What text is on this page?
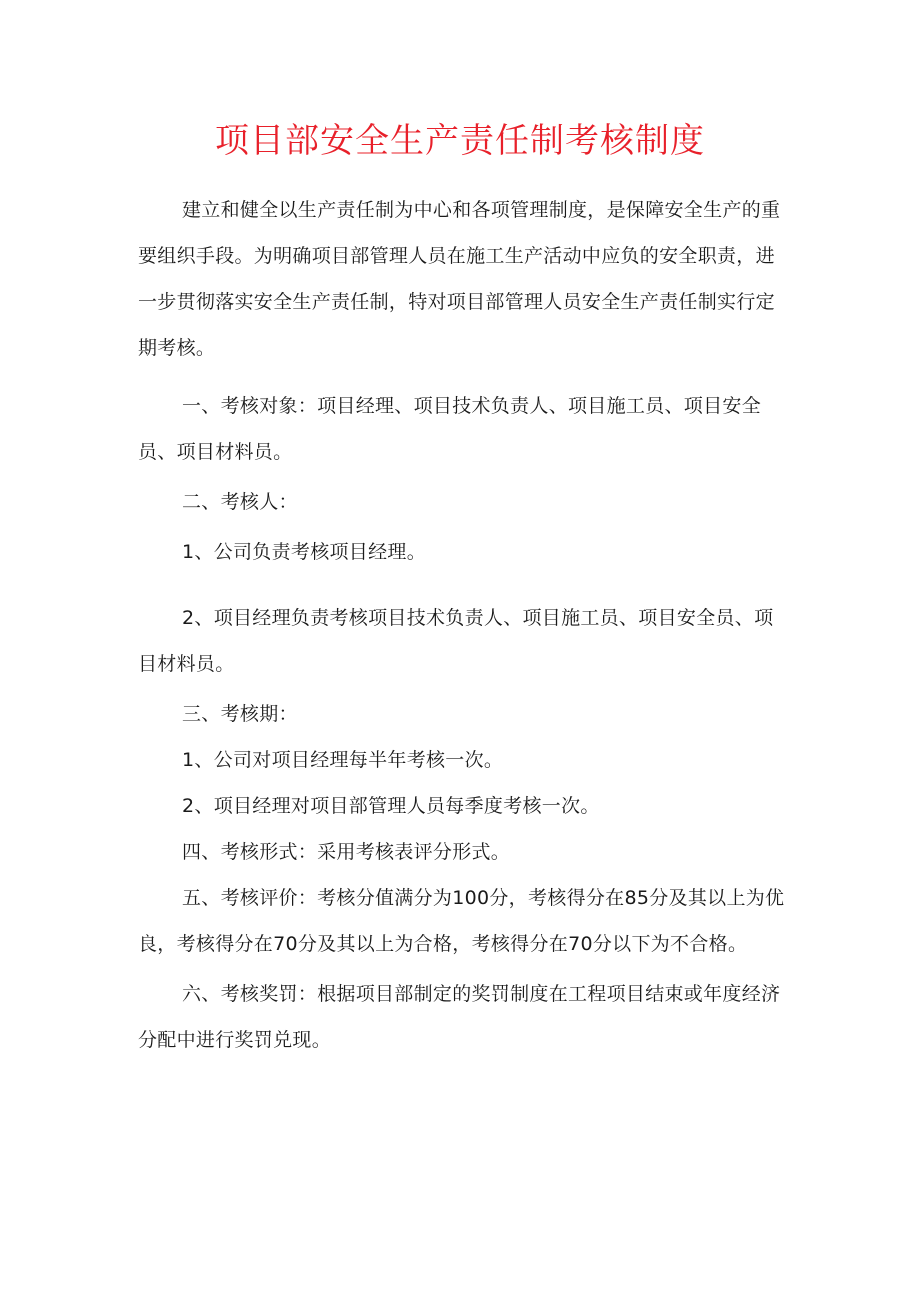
项目部安全生产责任制考核制度

建立和健全以生产责任制为中心和各项管理制度，是保障安全生产的重要组织手段。为明确项目部管理人员在施工生产活动中应负的安全职责，进一步贯彻落实安全生产责任制，特对项目部管理人员安全生产责任制实行定期考核。

一、考核对象：项目经理、项目技术负责人、项目施工员、项目安全员、项目材料员。

二、考核人：

1、公司负责考核项目经理。

2、项目经理负责考核项目技术负责人、项目施工员、项目安全员、项目材料员。

三、考核期：

1、公司对项目经理每半年考核一次。

2、项目经理对项目部管理人员每季度考核一次。

四、考核形式：采用考核表评分形式。

五、考核评价：考核分值满分为100分，考核得分在85分及其以上为优良，考核得分在70分及其以上为合格，考核得分在70分以下为不合格。

六、考核奖罚：根据项目部制定的奖罚制度在工程项目结束或年度经济分配中进行奖罚兑现。
